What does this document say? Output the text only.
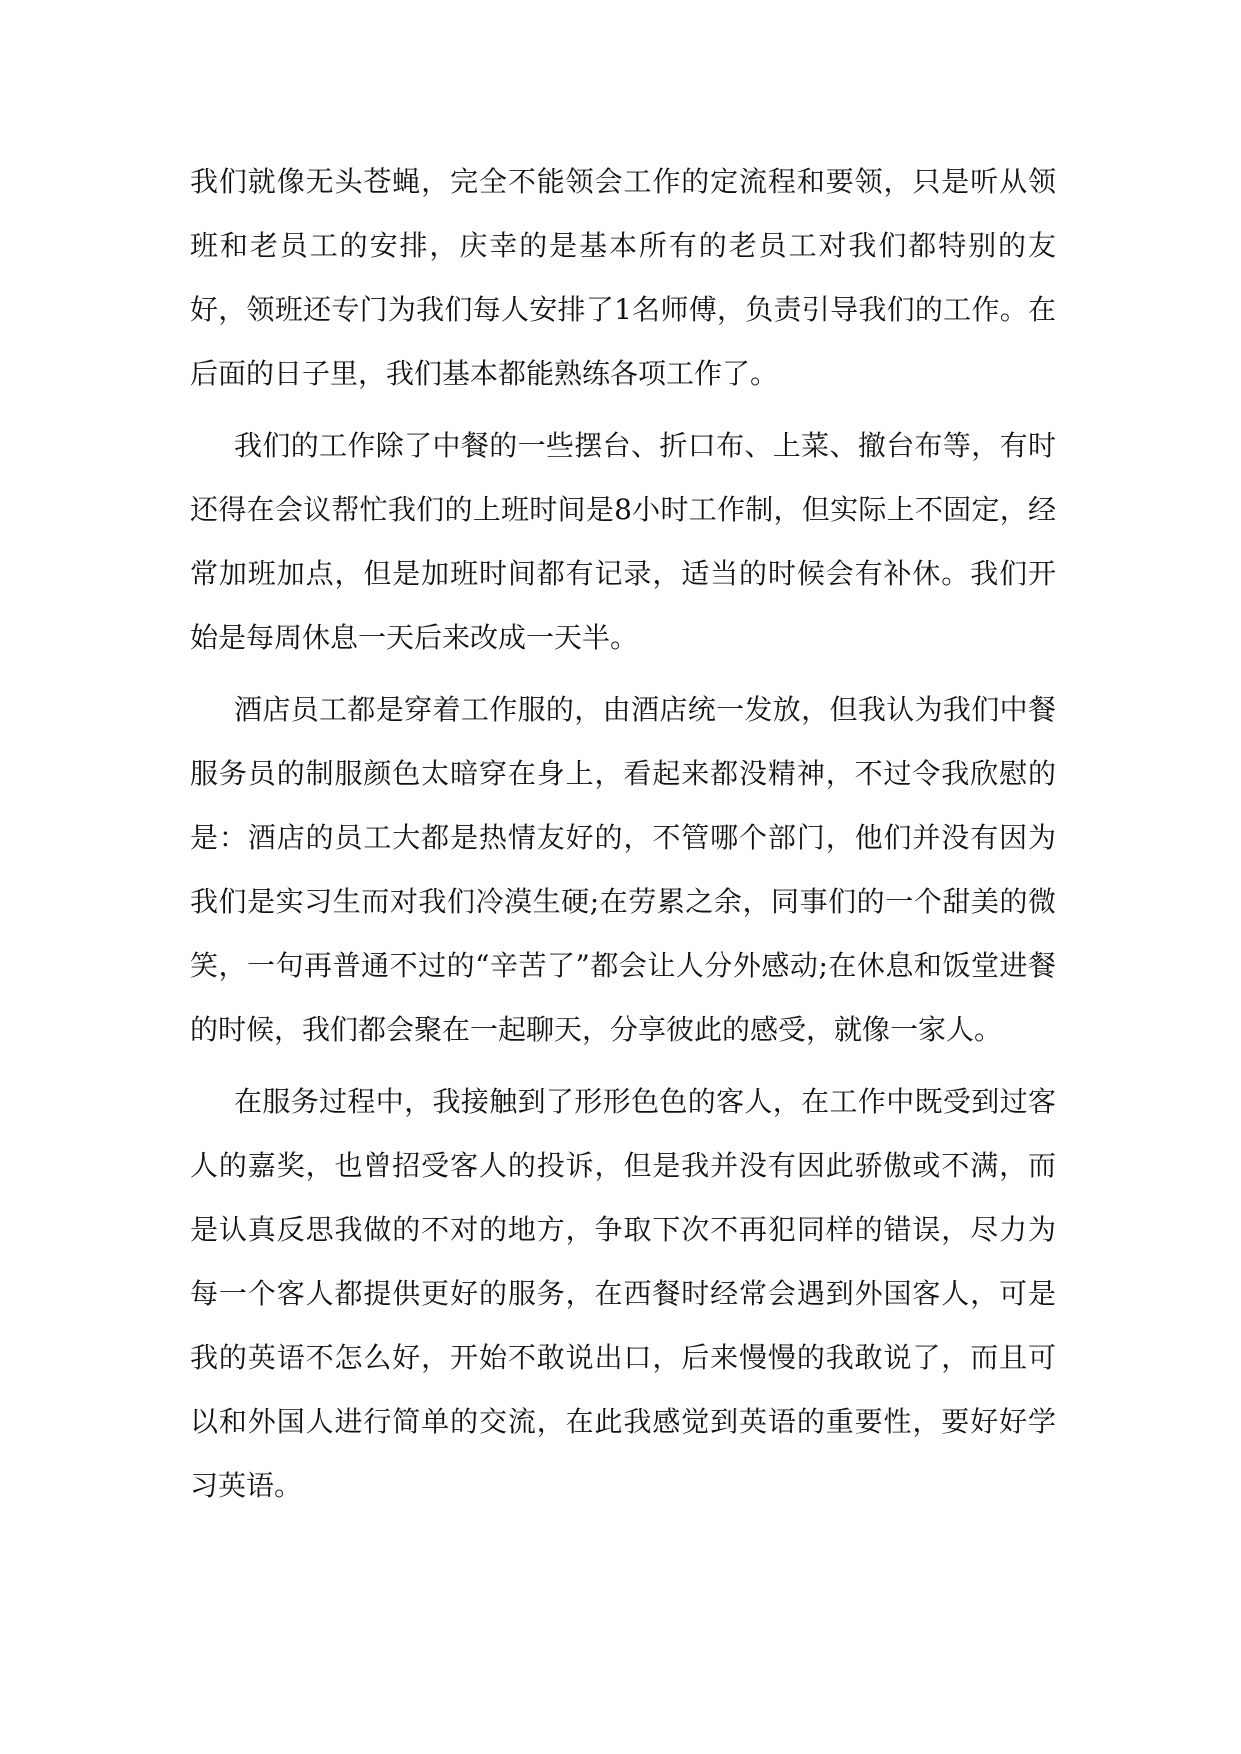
我们就像无头苍蝇，完全不能领会工作的定流程和要领，只是听从领班和老员工的安排，庆幸的是基本所有的老员工对我们都特别的友好，领班还专门为我们每人安排了1名师傅，负责引导我们的工作。在后面的日子里，我们基本都能熟练各项工作了。

我们的工作除了中餐的一些摆台、折口布、上菜、撤台布等，有时还得在会议帮忙我们的上班时间是8小时工作制，但实际上不固定，经常加班加点，但是加班时间都有记录，适当的时候会有补休。我们开始是每周休息一天后来改成一天半。

酒店员工都是穿着工作服的，由酒店统一发放，但我认为我们中餐服务员的制服颜色太暗穿在身上，看起来都没精神，不过令我欣慰的是：酒店的员工大都是热情友好的，不管哪个部门，他们并没有因为我们是实习生而对我们冷漠生硬;在劳累之余，同事们的一个甜美的微笑，一句再普通不过的“辛苦了”都会让人分外感动;在休息和饭堂进餐的时候，我们都会聚在一起聊天，分享彼此的感受，就像一家人。

在服务过程中，我接触到了形形色色的客人，在工作中既受到过客人的嘉奖，也曾招受客人的投诉，但是我并没有因此骄傲或不满，而是认真反思我做的不对的地方，争取下次不再犯同样的错误，尽力为每一个客人都提供更好的服务，在西餐时经常会遇到外国客人，可是我的英语不怎么好，开始不敢说出口，后来慢慢的我敢说了，而且可以和外国人进行简单的交流，在此我感觉到英语的重要性，要好好学习英语。
